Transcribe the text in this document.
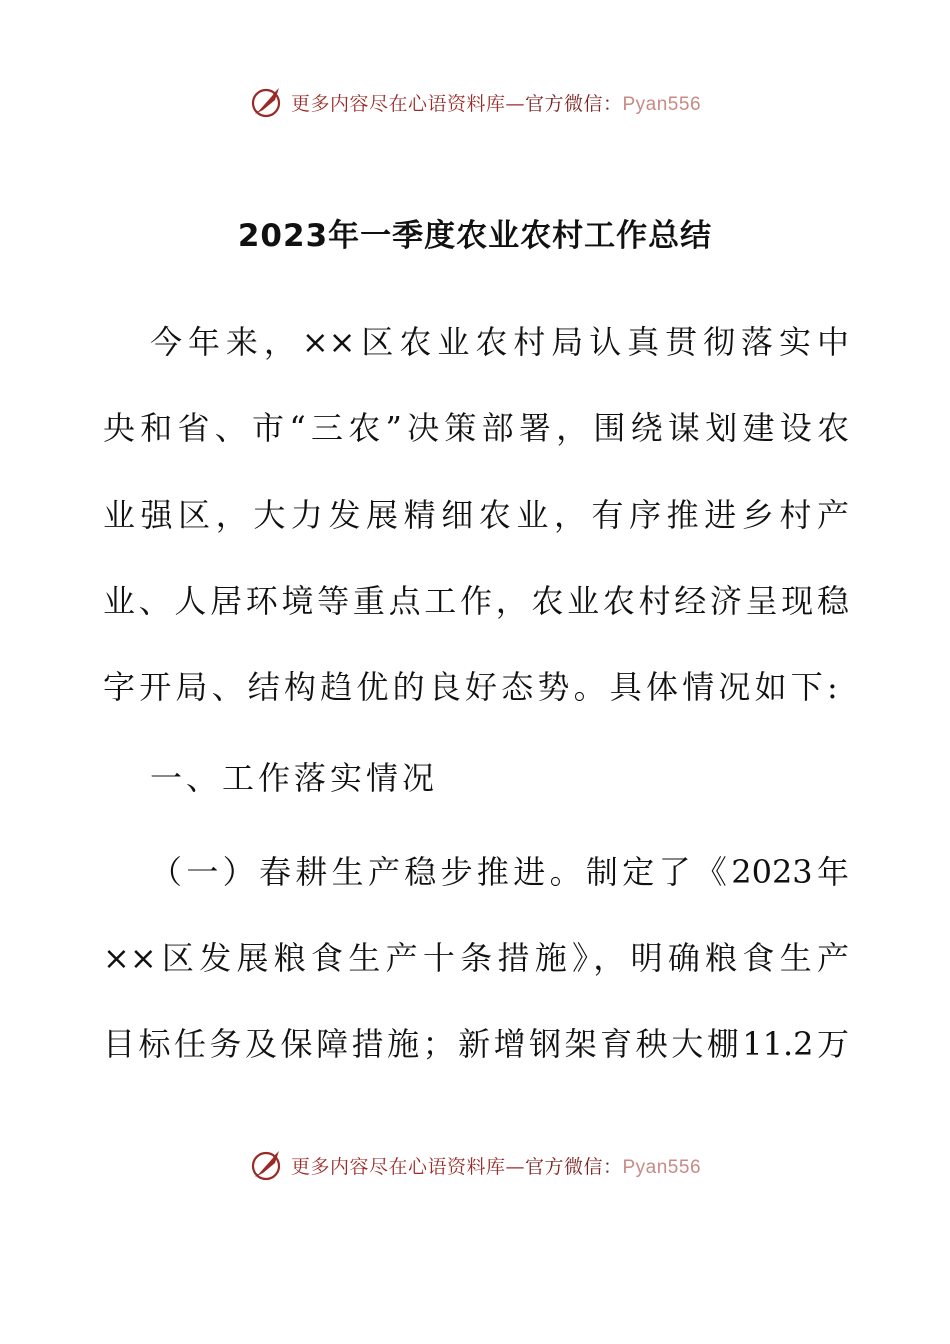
更多内容尽在心语资料库—官方微信：Pyan556
2023年一季度农业农村工作总结
今年来，××区农业农村局认真贯彻落实中
央和省、市“三农”决策部署，围绕谋划建设农
业强区，大力发展精细农业，有序推进乡村产
业、人居环境等重点工作，农业农村经济呈现稳
字开局、结构趋优的良好态势。具体情况如下:
一、工作落实情况
（一）春耕生产稳步推进。制定了《2023年
××区发展粮食生产十条措施》，明确粮食生产
目标任务及保障措施；新增钢架育秧大棚11.2万
更多内容尽在心语资料库—官方微信：Pyan556
